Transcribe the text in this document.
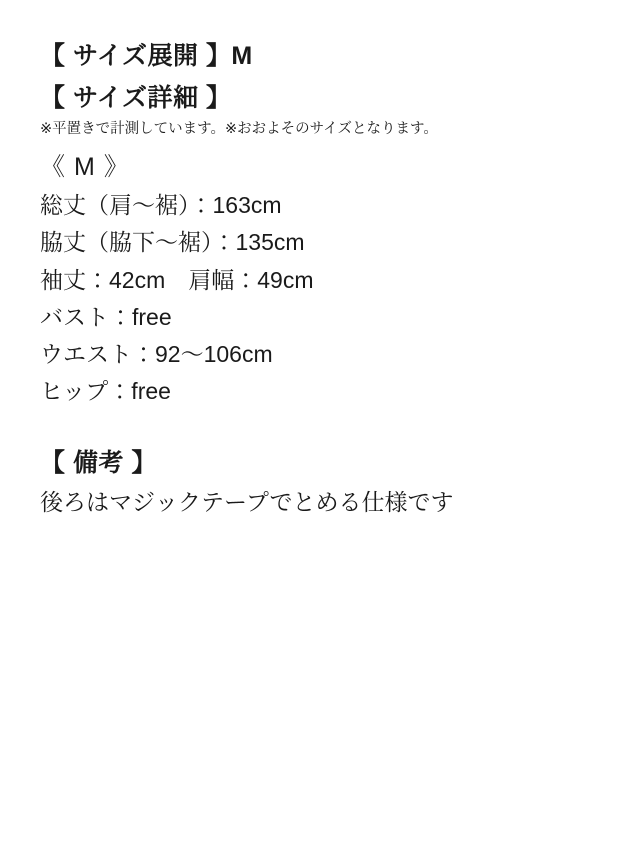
【 サイズ展開 】M

【 サイズ詳細 】

※平置きで計測しています。※おおよそのサイズとなります。

《 M 》

総丈（肩〜裾）：163cm

脇丈（脇下〜裾）：135cm

袖丈：42cm　肩幅：49cm

バスト：free

ウエスト：92〜106cm

ヒップ：free

【 備考 】

後ろはマジックテープでとめる仕様です
